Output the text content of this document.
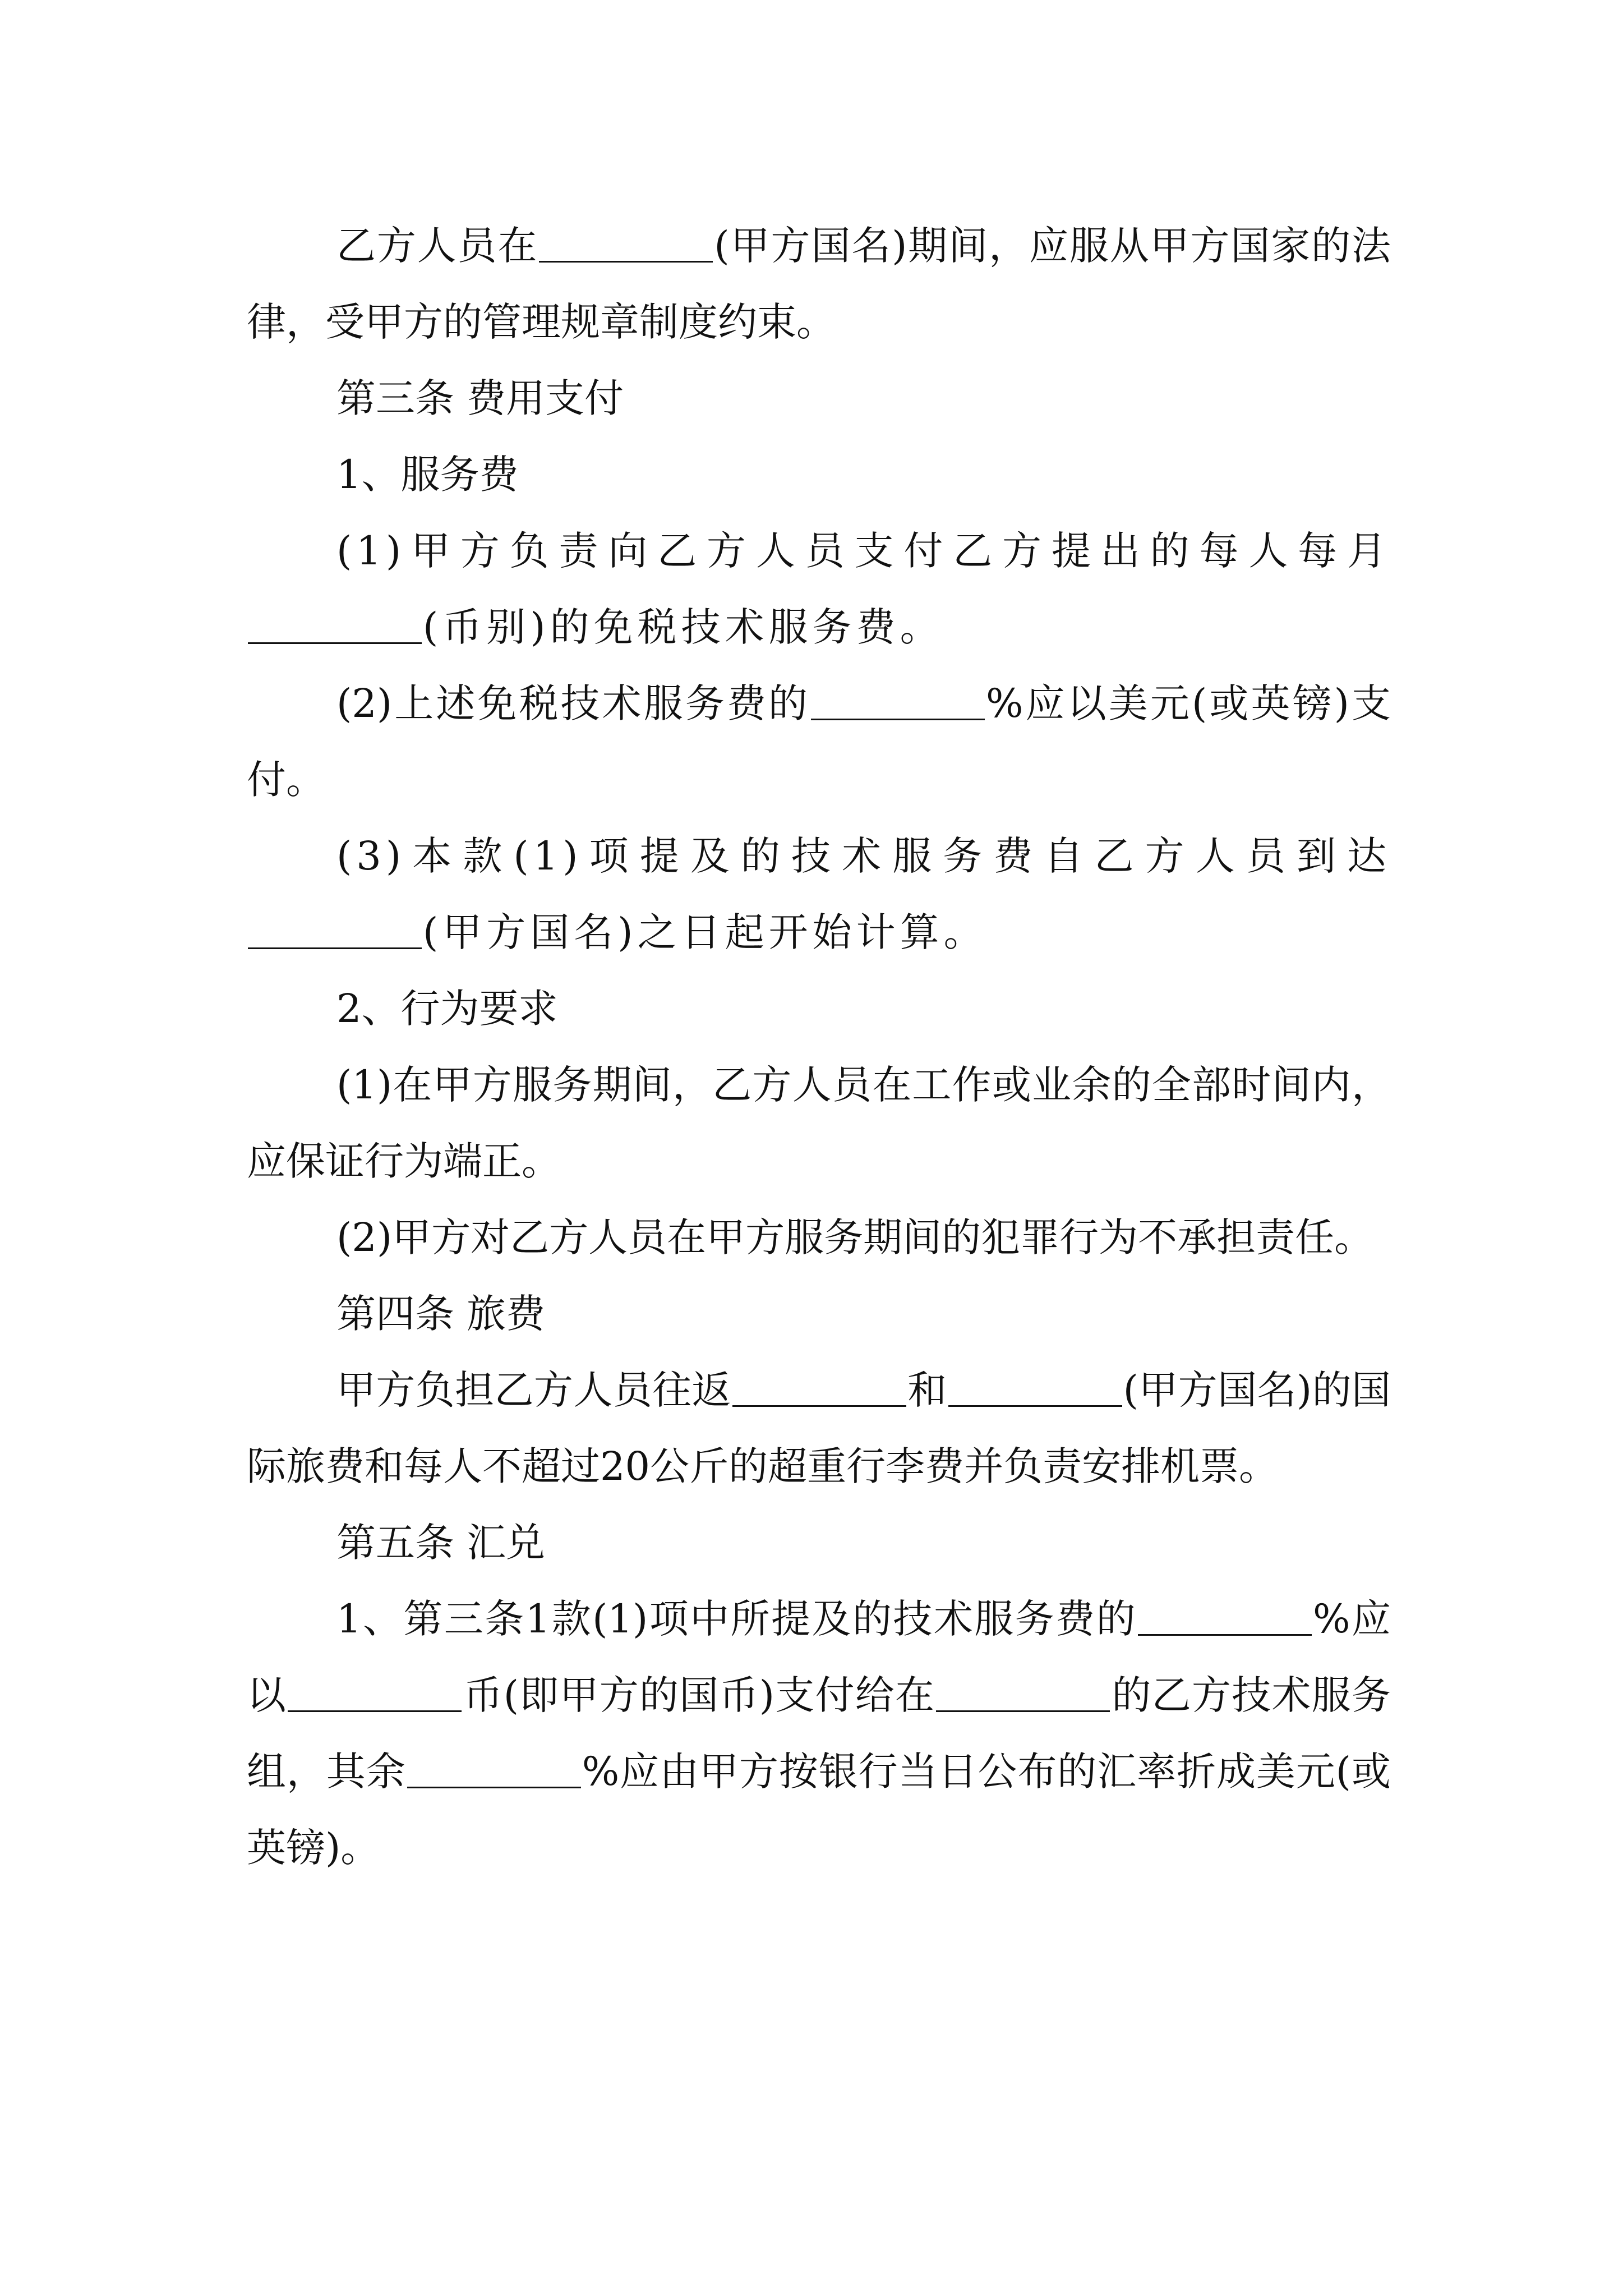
乙方人员在	(甲方国名)期间，应服从甲方国家的法律，受甲方的管理规章制度约束。

第三条 费用支付

1、服务费

(1)甲方负责向乙方人员支付乙方提出的每人每月(币别)的免税技术服务费。

(2)上述免税技术服务费的	%应以美元(或英镑)支付。

(3)本款(1)项提及的技术服务费自乙方人员到达(甲方国名)之日起开始计算。

2、行为要求

(1)在甲方服务期间，乙方人员在工作或业余的全部时间内，应保证行为端正。

(2)甲方对乙方人员在甲方服务期间的犯罪行为不承担责任。

第四条 旅费

甲方负担乙方人员往返	和	(甲方国名)的国际旅费和每人不超过20公斤的超重行李费并负责安排机票。

第五条 汇兑

1、第三条1款(1)项中所提及的技术服务费的	%应以	币(即甲方的国币)支付给在	的乙方技术服务组，其余	%应由甲方按银行当日公布的汇率折成美元(或英镑)。
